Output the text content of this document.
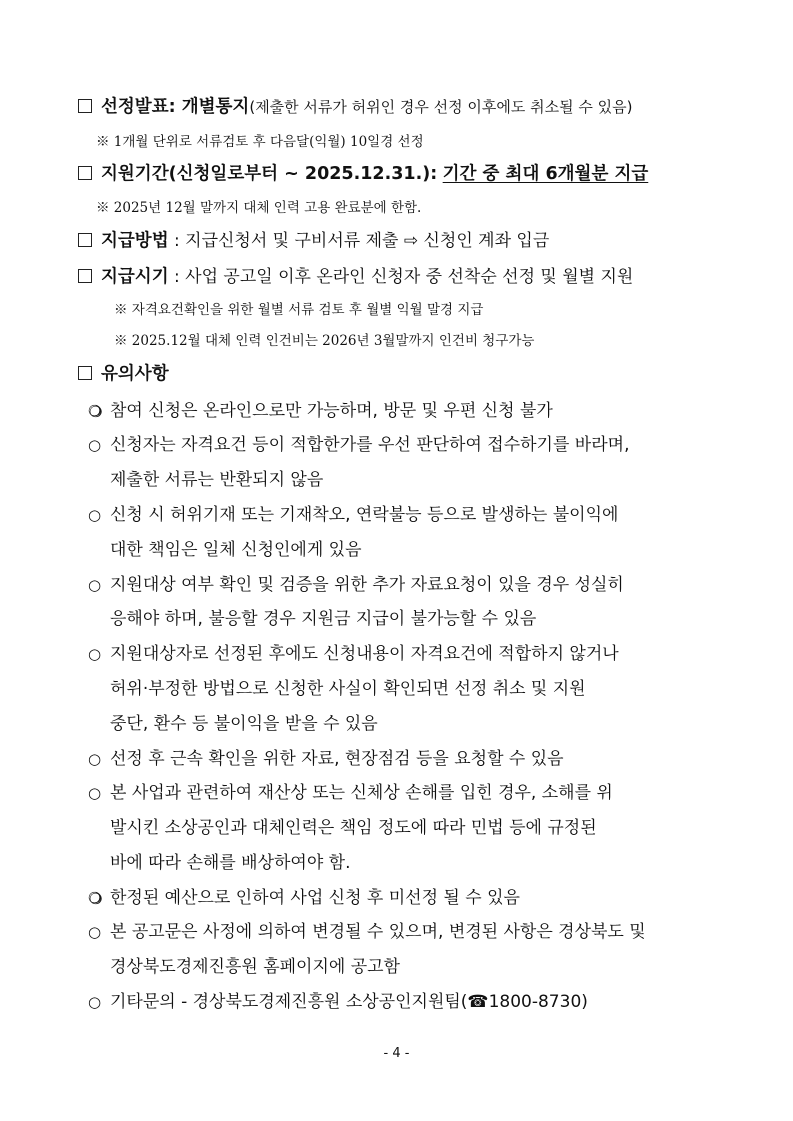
선정발표: 개별통지(제출한 서류가 허위인 경우 선정 이후에도 취소될 수 있음)
※ 1개월 단위로 서류검토 후 다음달(익월) 10일경 선정
지원기간(신청일로부터 ~ 2025.12.31.): 기간 중 최대 6개월분 지급
※ 2025년 12월 말까지 대체 인력 고용 완료분에 한함.
지급방법 : 지급신청서 및 구비서류 제출 ⇨ 신청인 계좌 입금
지급시기 : 사업 공고일 이후 온라인 신청자 중 선착순 선정 및 월별 지원
※ 자격요건확인을 위한 월별 서류 검토 후 월별 익월 말경 지급
※ 2025.12월 대체 인력 인건비는 2026년 3월말까지 인건비 청구가능
유의사항
❍ 참여 신청은 온라인으로만 가능하며, 방문 및 우편 신청 불가
○ 신청자는 자격요건 등이 적합한가를 우선 판단하여 접수하기를 바라며,
제출한 서류는 반환되지 않음
○ 신청 시 허위기재 또는 기재착오, 연락불능 등으로 발생하는 불이익에
대한 책임은 일체 신청인에게 있음
○ 지원대상 여부 확인 및 검증을 위한 추가 자료요청이 있을 경우 성실히
응해야 하며, 불응할 경우 지원금 지급이 불가능할 수 있음
○ 지원대상자로 선정된 후에도 신청내용이 자격요건에 적합하지 않거나
허위·부정한 방법으로 신청한 사실이 확인되면 선정 취소 및 지원
중단, 환수 등 불이익을 받을 수 있음
○ 선정 후 근속 확인을 위한 자료, 현장점검 등을 요청할 수 있음
○ 본 사업과 관련하여 재산상 또는 신체상 손해를 입힌 경우, 소해를 위
발시킨 소상공인과 대체인력은 책임 정도에 따라 민법 등에 규정된
바에 따라 손해를 배상하여야 함.
❍ 한정된 예산으로 인하여 사업 신청 후 미선정 될 수 있음
○ 본 공고문은 사정에 의하여 변경될 수 있으며, 변경된 사항은 경상북도 및
경상북도경제진흥원 홈페이지에 공고함
○ 기타문의 - 경상북도경제진흥원 소상공인지원팀(☎1800-8730)
- 4 -
